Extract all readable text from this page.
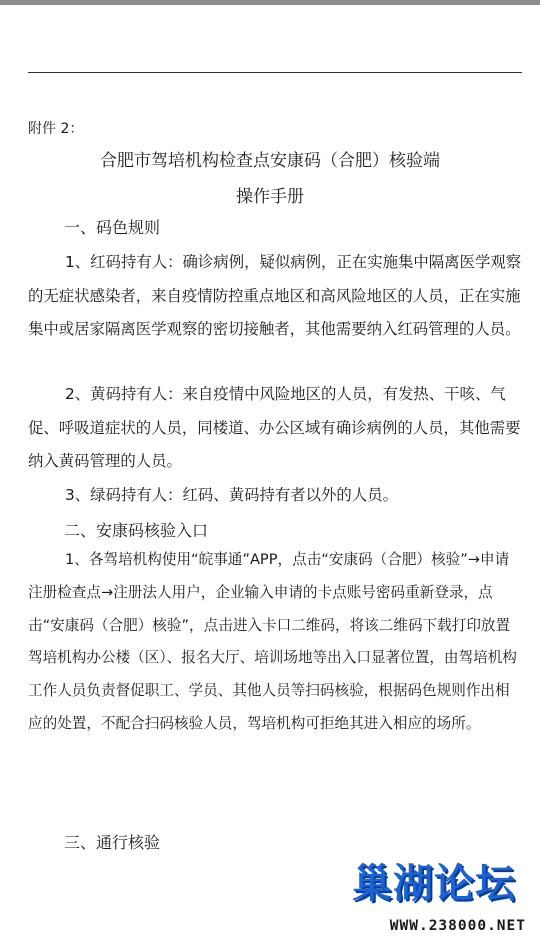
附件 2：
合肥市驾培机构检查点安康码（合肥）核验端
操作手册
一、码色规则
1、红码持有人：确诊病例，疑似病例，正在实施集中隔离医学观察的无症状感染者，来自疫情防控重点地区和高风险地区的人员，正在实施集中或居家隔离医学观察的密切接触者，其他需要纳入红码管理的人员。
2、黄码持有人：来自疫情中风险地区的人员，有发热、干咳、气促、呼吸道症状的人员，同楼道、办公区域有确诊病例的人员，其他需要纳入黄码管理的人员。
3、绿码持有人：红码、黄码持有者以外的人员。
二、安康码核验入口
1、各驾培机构使用“皖事通”APP，点击“安康码（合肥）核验”→申请注册检查点→注册法人用户，企业输入申请的卡点账号密码重新登录，点击“安康码（合肥）核验”，点击进入卡口二维码，将该二维码下载打印放置驾培机构办公楼（区）、报名大厅、培训场地等出入口显著位置，由驾培机构工作人员负责督促职工、学员、其他人员等扫码核验，根据码色规则作出相应的处置，不配合扫码核验人员，驾培机构可拒绝其进入相应的场所。
三、通行核验
巢湖论坛
WWW.238000.NET
